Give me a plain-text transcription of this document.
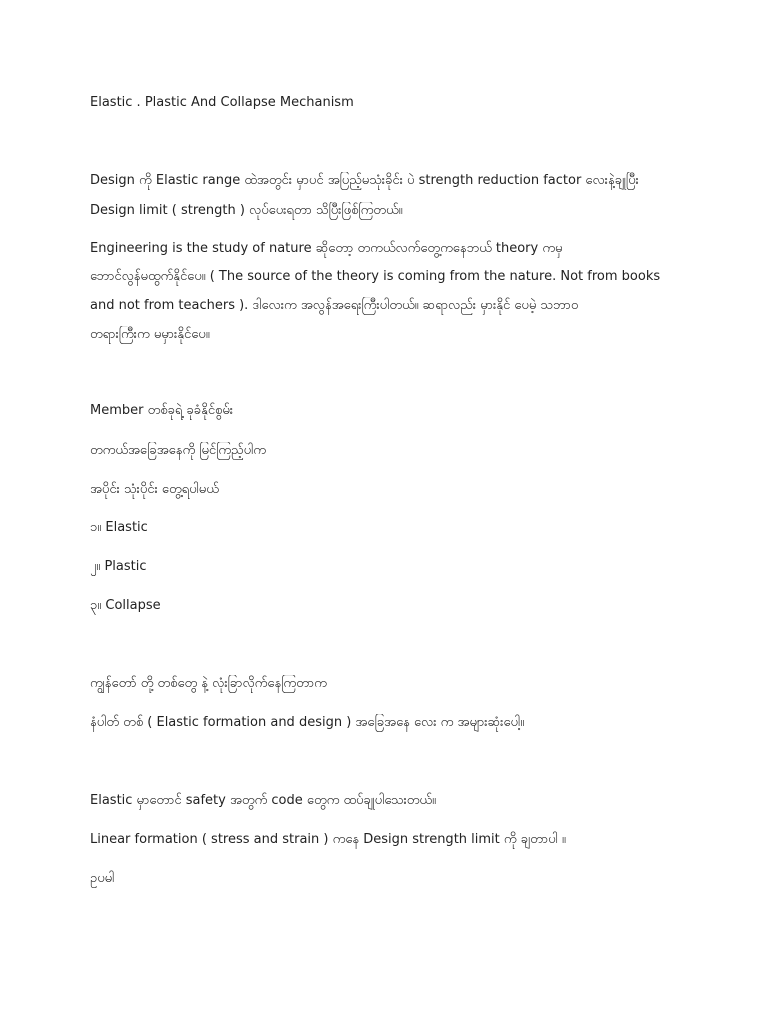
Elastic . Plastic And Collapse Mechanism
Design ကို Elastic range ထဲအတွင်း မှာပင် အပြည့်မသုံးခိုင်း ပဲ strength reduction factor လေးနဲ့ချုပြီး
Design limit ( strength ) လုပ်ပေးရတာ သိပြီးဖြစ်ကြတယ်။
Engineering is the study of nature ဆိုတော့ တကယ်လက်တွေ့ကနေဘယ် theory ကမှ
ဘောင်လွန်မထွက်နိုင်ပေ။ ( The source of the theory is coming from the nature. Not from books
and not from teachers ). ဒါလေးက အလွန်အရေးကြီးပါတယ်။ ဆရာလည်း မှားနိုင် ပေမဲ့ သဘာဝ
တရားကြီးက မမှားနိုင်ပေ။
Member တစ်ခုရဲ့ ခုခံနိုင်စွမ်း
တကယ်အခြေအနေကို မြင်ကြည့်ပါက
အပိုင်း သုံးပိုင်း တွေ့ရပါမယ်
၁။ Elastic
၂။ Plastic
၃။ Collapse
ကျွန်တော် တို့ တစ်တွေ နဲ့ လုံးခြာလိုက်နေကြတာက
နံပါတ် တစ် ( Elastic formation and design ) အခြေအနေ လေး က အများဆုံးပေါ့။
Elastic မှာတောင် safety အတွက် code တွေက ထပ်ချုပါသေးတယ်။
Linear formation ( stress and strain ) ကနေ Design strength limit ကို ချတာပါ ။
ဥပမါ
